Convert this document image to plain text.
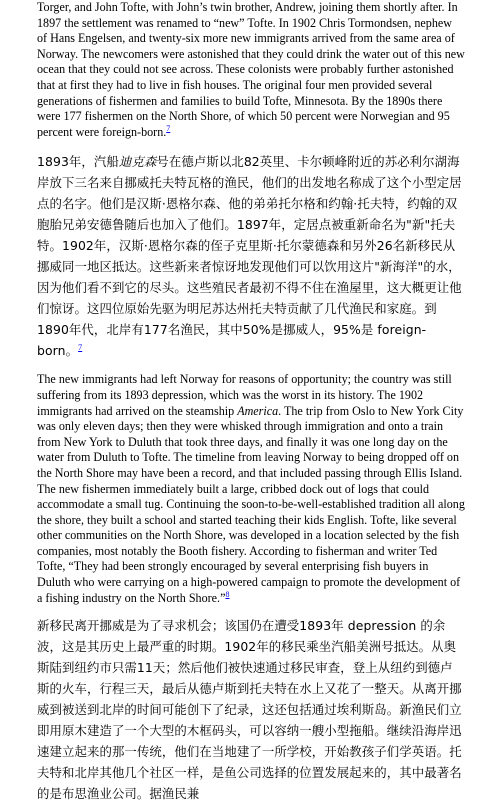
Torger, and John Tofte, with John’s twin brother, Andrew, joining them shortly after. In 1897 the settlement was renamed to “new” Tofte. In 1902 Chris Tormondsen, nephew of Hans Engelsen, and twenty-six more new immigrants arrived from the same area of Norway. The newcomers were astonished that they could drink the water out of this new ocean that they could not see across. These colonists were probably further astonished that at first they had to live in fish houses. The original four men provided several generations of fishermen and families to build Tofte, Minnesota. By the 1890s there were 177 fishermen on the North Shore, of which 50 percent were Norwegian and 95 percent were foreign-born.$^7$

1893年，汽船迪克森号在德卢斯以北82英里、卡尔顿峰附近的苏必利尔湖海岸放下三名来自挪威托夫特瓦格的渔民，他们的出发地名称成了这个小型定居点的名字。他们是汉斯·恩格尔森、他的弟弟托尔格和约翰·托夫特，约翰的双胞胎兄弟安德鲁随后也加入了他们。1897年，定居点被重新命名为"新"托夫特。1902年，汉斯·恩格尔森的侄子克里斯·托尔蒙德森和另外26名新移民从挪威同一地区抵达。这些新来者惊讶地发现他们可以饮用这片"新海洋"的水，因为他们看不到它的尽头。这些殖民者最初不得不住在渔屋里，这大概更让他们惊讶。这四位原始先驱为明尼苏达州托夫特贡献了几代渔民和家庭。到1890年代，北岸有177名渔民，其中50%是挪威人，95%是 foreign-born。$^7$

The new immigrants had left Norway for reasons of opportunity; the country was still suffering from its 1893 depression, which was the worst in its history. The 1902 immigrants had arrived on the steamship America. The trip from Oslo to New York City was only eleven days; then they were whisked through immigration and onto a train from New York to Duluth that took three days, and finally it was one long day on the water from Duluth to Tofte. The timeline from leaving Norway to being dropped off on the North Shore may have been a record, and that included passing through Ellis Island. The new fishermen immediately built a large, cribbed dock out of logs that could accommodate a small tug. Continuing the soon-to-be-well-established tradition all along the shore, they built a school and started teaching their kids English. Tofte, like several other communities on the North Shore, was developed in a location selected by the fish companies, most notably the Booth fishery. According to fisherman and writer Ted Tofte, “They had been strongly encouraged by several enterprising fish buyers in Duluth who were carrying on a high-powered campaign to promote the development of a fishing industry on the North Shore.”$^8$

新移民离开挪威是为了寻求机会；该国仍在遭受1893年 depression 的余波，这是其历史上最严重的时期。1902年的移民乘坐汽船美洲号抵达。从奥斯陆到纽约市只需11天；然后他们被快速通过移民审查，登上从纽约到德卢斯的火车，行程三天，最后从德卢斯到托夫特在水上又花了一整天。从离开挪威到被送到北岸的时间可能创下了纪录，这还包括通过埃利斯岛。新渔民们立即用原木建造了一个大型的木框码头，可以容纳一艘小型拖船。继续沿海岸迅速建立起来的那一传统，他们在当地建了一所学校，开始教孩子们学英语。托夫特和北岸其他几个社区一样，是鱼公司选择的位置发展起来的，其中最著名的是布思渔业公司。据渔民兼
